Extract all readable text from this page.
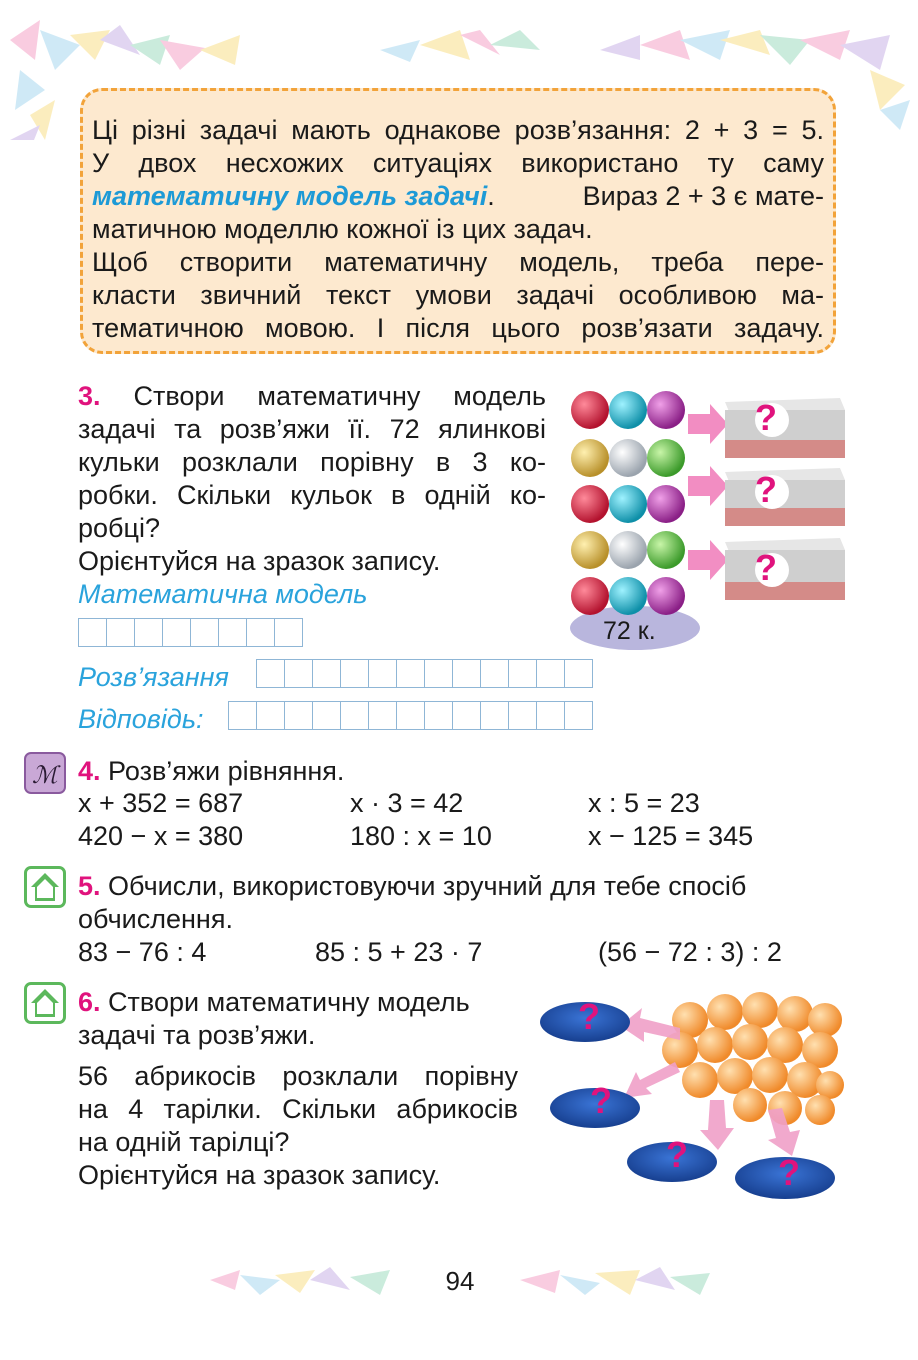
Ці різні задачі мають однакове розв’язання: 2 + 3 = 5.
У двох несхожих ситуаціях використано ту саму
математичну модель задачі.	Вираз 2 + 3 є мате-
матичною моделлю кожної із цих задач.
Щоб створити математичну модель, треба пере-
класти звичний текст умови задачі особливою ма-
тематичною мовою. І після цього розв’язати задачу.
3. Створи математичну модель
задачі та розв’яжи її. 72 ялинкові
кульки розклали порівну в 3 ко-
робки. Скільки кульок в одній ко-
робці?
Орієнтуйся на зразок запису.
Математична модель
Розв’язання
Відповідь:
?
?
?
72 к.
ℳ 4. Розв’яжи рівняння.
x + 352 = 687	x · 3 = 42	x : 5 = 23
420 − x = 380	180 : x = 10	x − 125 = 345
5. Обчисли, використовуючи зручний для тебе спосіб
обчислення.
83 − 76 : 4	85 : 5 + 23 · 7	(56 − 72 : 3) : 2
6. Створи математичну модель
задачі та розв’яжи.
56 абрикосів розклали порівну
на 4 тарілки. Скільки абрикосів
на одній тарілці?
Орієнтуйся на зразок запису.
?
?
?	?
94
